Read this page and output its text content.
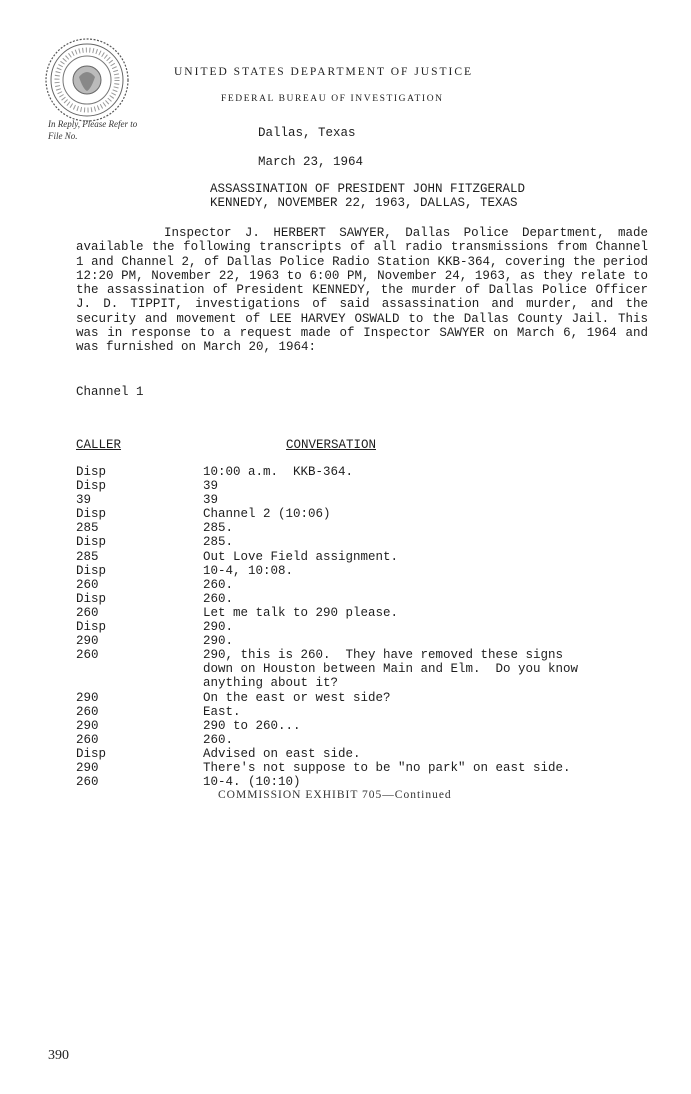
UNITED STATES DEPARTMENT OF JUSTICE
FEDERAL BUREAU OF INVESTIGATION
In Reply, Please Refer to
File No.	Dallas, Texas
March 23, 1964
ASSASSINATION OF PRESIDENT JOHN FITZGERALD
KENNEDY, NOVEMBER 22, 1963, DALLAS, TEXAS

Inspector J. HERBERT SAWYER, Dallas Police Department, made available the following transcripts of all radio transmissions from Channel 1 and Channel 2, of Dallas Police Radio Station KKB-364, covering the period 12:20 PM, November 22, 1963 to 6:00 PM, November 24, 1963, as they relate to the assassination of President KENNEDY, the murder of Dallas Police Officer J. D. TIPPIT, investigations of said assassination and murder, and the security and movement of LEE HARVEY OSWALD to the Dallas County Jail. This was in response to a request made of Inspector SAWYER on March 6, 1964 and was furnished on March 20, 1964:

Channel 1
CALLER	CONVERSATION
Disp	10:00 a.m.  KKB-364.
Disp	39
39	39
Disp	Channel 2 (10:06)
285	285.
Disp	285.
285	Out Love Field assignment.
Disp	10-4, 10:08.
260	260.
Disp	260.
260	Let me talk to 290 please.
Disp	290.
290	290.
260	290, this is 260.  They have removed these signs
down on Houston between Main and Elm.  Do you know
anything about it?
290	On the east or west side?
260	East.
290	290 to 260...
260	260.
Disp	Advised on east side.
290	There's not suppose to be "no park" on east side.
260	10-4. (10:10)
COMMISSION EXHIBIT 705—Continued
390
